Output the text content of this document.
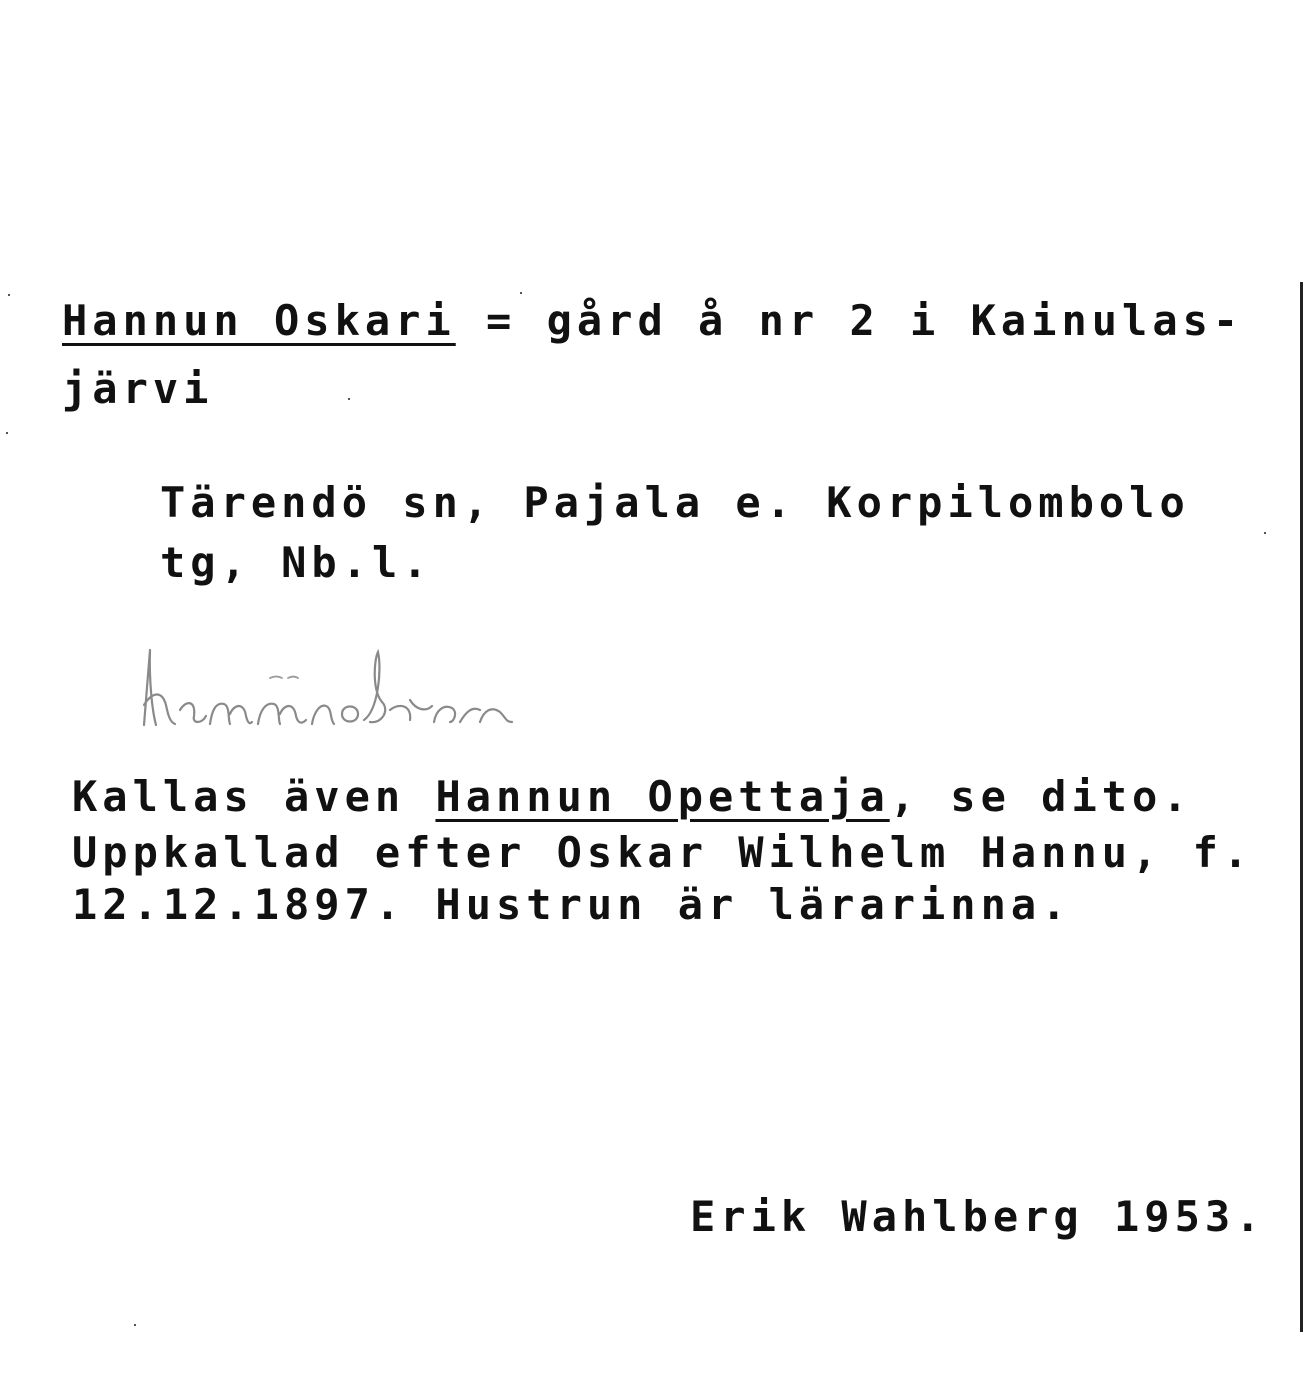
Hannun Oskari = gård å nr 2 i Kainulas-
järvi
Tärendö sn, Pajala e. Korpilombolo
tg, Nb.l.
Kallas även Hannun Opettaja, se dito.
Uppkallad efter Oskar Wilhelm Hannu, f.
12.12.1897. Hustrun är lärarinna.
Erik Wahlberg 1953.
